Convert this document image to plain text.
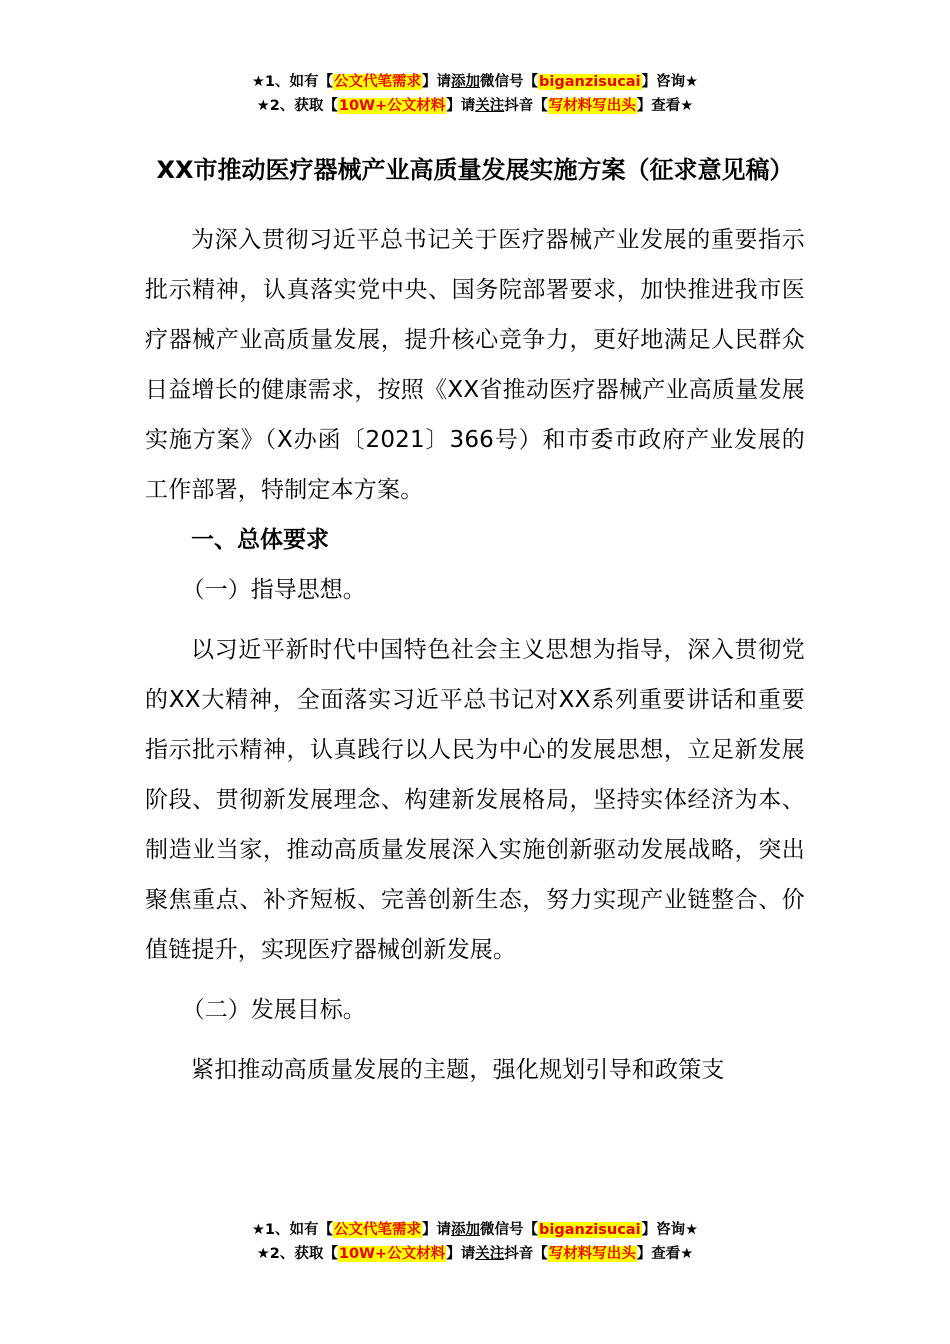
★1、如有【公文代笔需求】请添加微信号【biganzisucai】咨询★
★2、获取【10W+公文材料】请关注抖音【写材料写出头】查看★
XX市推动医疗器械产业高质量发展实施方案（征求意见稿）

为深入贯彻习近平总书记关于医疗器械产业发展的重要指示批示精神，认真落实党中央、国务院部署要求，加快推进我市医疗器械产业高质量发展，提升核心竞争力，更好地满足人民群众日益增长的健康需求，按照《XX省推动医疗器械产业高质量发展实施方案》（X办函〔2021〕366号）和市委市政府产业发展的工作部署，特制定本方案。

一、总体要求

（一）指导思想。

以习近平新时代中国特色社会主义思想为指导，深入贯彻党的XX大精神，全面落实习近平总书记对XX系列重要讲话和重要指示批示精神，认真践行以人民为中心的发展思想，立足新发展阶段、贯彻新发展理念、构建新发展格局，坚持实体经济为本、制造业当家，推动高质量发展深入实施创新驱动发展战略，突出聚焦重点、补齐短板、完善创新生态，努力实现产业链整合、价值链提升，实现医疗器械创新发展。

（二）发展目标。

紧扣推动高质量发展的主题，强化规划引导和政策支

★1、如有【公文代笔需求】请添加微信号【biganzisucai】咨询★
★2、获取【10W+公文材料】请关注抖音【写材料写出头】查看★
